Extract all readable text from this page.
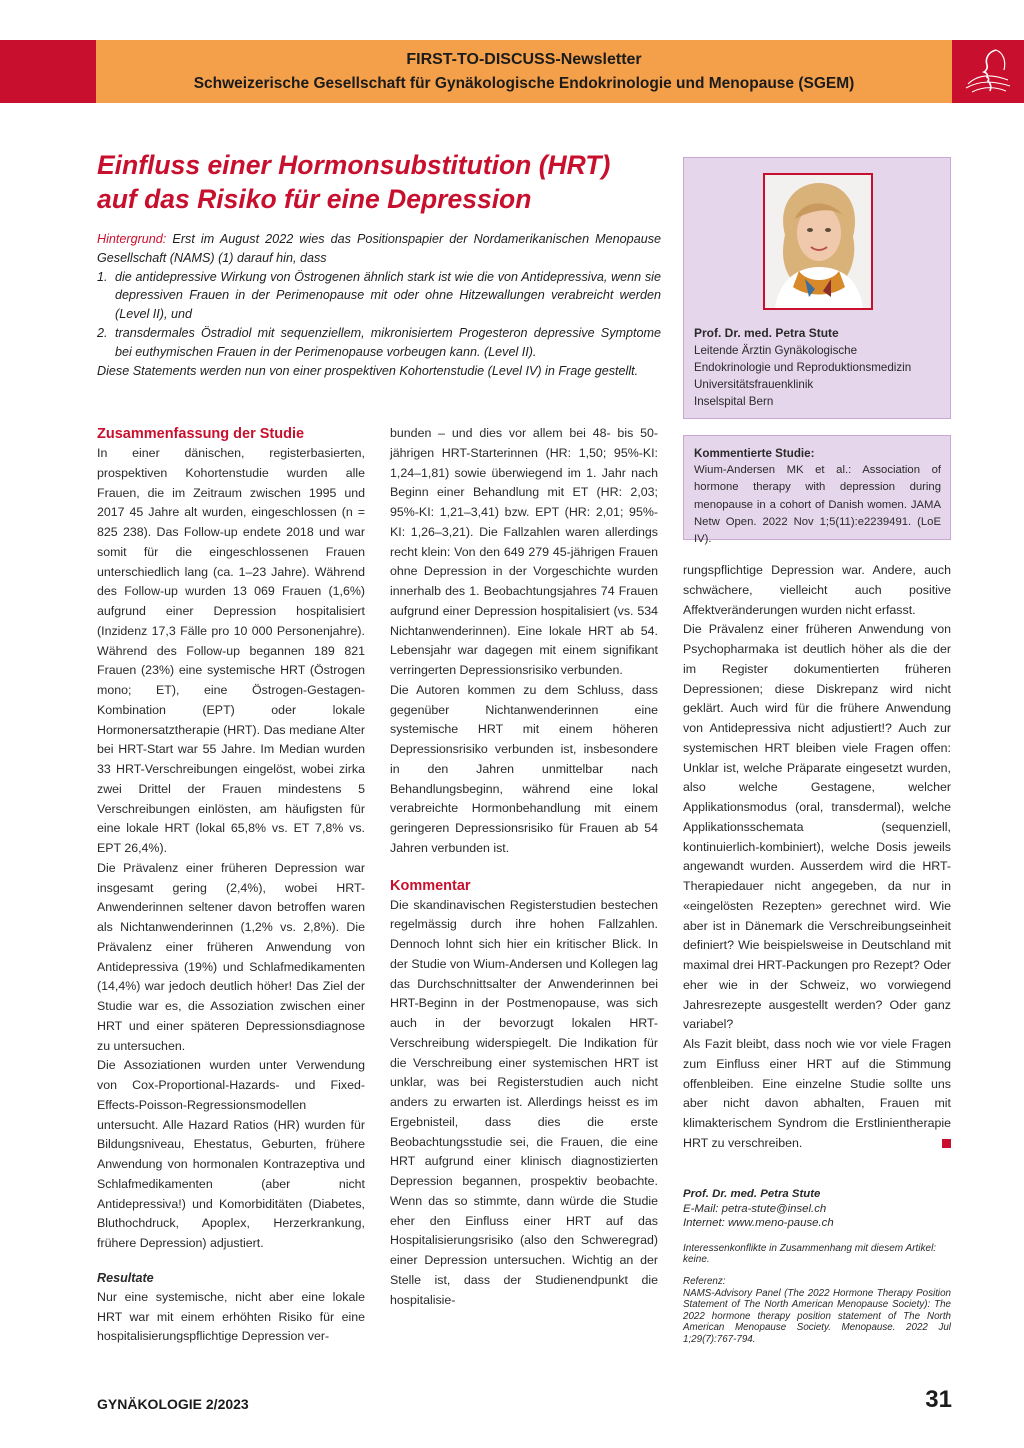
FIRST-TO-DISCUSS-Newsletter
Schweizerische Gesellschaft für Gynäkologische Endokrinologie und Menopause (SGEM)
Einfluss einer Hormonsubstitution (HRT)
auf das Risiko für eine Depression
Hintergrund: Erst im August 2022 wies das Positionspapier der Nordamerikanischen Menopause Gesellschaft (NAMS) (1) darauf hin, dass
1. die antidepressive Wirkung von Östrogenen ähnlich stark ist wie die von Antidepressiva, wenn sie depressiven Frauen in der Perimenopause mit oder ohne Hitzewallungen verabreicht werden (Level II), und
2. transdermales Östradiol mit sequenziellem, mikronisiertem Progesteron depressive Symptome bei euthymischen Frauen in der Perimenopause vorbeugen kann. (Level II).
Diese Statements werden nun von einer prospektiven Kohortenstudie (Level IV) in Frage gestellt.
Zusammenfassung der Studie

In einer dänischen, registerbasierten, prospektiven Kohortenstudie wurden alle Frauen, die im Zeitraum zwischen 1995 und 2017 45 Jahre alt wurden, eingeschlossen (n = 825 238). Das Follow-up endete 2018 und war somit für die eingeschlossenen Frauen unterschiedlich lang (ca. 1–23 Jahre). Während des Follow-up wurden 13 069 Frauen (1,6%) aufgrund einer Depression hospitalisiert (Inzidenz 17,3 Fälle pro 10 000 Personenjahre). Während des Follow-up begannen 189 821 Frauen (23%) eine systemische HRT (Östrogen mono; ET), eine Östrogen-Gestagen-Kombination (EPT) oder lokale Hormonersatztherapie (HRT). Das mediane Alter bei HRT-Start war 55 Jahre. Im Median wurden 33 HRT-Verschreibungen eingelöst, wobei zirka zwei Drittel der Frauen mindestens 5 Verschreibungen einlösten, am häufigsten für eine lokale HRT (lokal 65,8% vs. ET 7,8% vs. EPT 26,4%).

Die Prävalenz einer früheren Depression war insgesamt gering (2,4%), wobei HRT-Anwenderinnen seltener davon betroffen waren als Nichtanwenderinnen (1,2% vs. 2,8%). Die Prävalenz einer früheren Anwendung von Antidepressiva (19%) und Schlafmedikamenten (14,4%) war jedoch deutlich höher! Das Ziel der Studie war es, die Assoziation zwischen einer HRT und einer späteren Depressionsdiagnose zu untersuchen.

Die Assoziationen wurden unter Verwendung von Cox-Proportional-Hazards- und Fixed-Effects-Poisson-Regressionsmodellen untersucht. Alle Hazard Ratios (HR) wurden für Bildungsniveau, Ehestatus, Geburten, frühere Anwendung von hormonalen Kontrazeptiva und Schlafmedikamenten (aber nicht Antidepressiva!) und Komorbiditäten (Diabetes, Bluthochdruck, Apoplex, Herzerkrankung, frühere Depression) adjustiert.

Resultate

Nur eine systemische, nicht aber eine lokale HRT war mit einem erhöhten Risiko für eine hospitalisierungspflichtige Depression ver-

bunden – und dies vor allem bei 48- bis 50-jährigen HRT-Starterinnen (HR: 1,50; 95%-KI: 1,24–1,81) sowie überwiegend im 1. Jahr nach Beginn einer Behandlung mit ET (HR: 2,03; 95%-KI: 1,21–3,41) bzw. EPT (HR: 2,01; 95%-KI: 1,26–3,21). Die Fallzahlen waren allerdings recht klein: Von den 649 279 45-jährigen Frauen ohne Depression in der Vorgeschichte wurden innerhalb des 1. Beobachtungsjahres 74 Frauen aufgrund einer Depression hospitalisiert (vs. 534 Nichtanwenderinnen). Eine lokale HRT ab 54. Lebensjahr war dagegen mit einem signifikant verringerten Depressionsrisiko verbunden.

Die Autoren kommen zu dem Schluss, dass gegenüber Nichtanwenderinnen eine systemische HRT mit einem höheren Depressionsrisiko verbunden ist, insbesondere in den Jahren unmittelbar nach Behandlungsbeginn, während eine lokal verabreichte Hormonbehandlung mit einem geringeren Depressionsrisiko für Frauen ab 54 Jahren verbunden ist.

Kommentar

Die skandinavischen Registerstudien bestechen regelmässig durch ihre hohen Fallzahlen. Dennoch lohnt sich hier ein kritischer Blick. In der Studie von Wium-Andersen und Kollegen lag das Durchschnittsalter der Anwenderinnen bei HRT-Beginn in der Postmenopause, was sich auch in der bevorzugt lokalen HRT-Verschreibung widerspiegelt. Die Indikation für die Verschreibung einer systemischen HRT ist unklar, was bei Registerstudien auch nicht anders zu erwarten ist. Allerdings heisst es im Ergebnisteil, dass dies die erste Beobachtungsstudie sei, die Frauen, die eine HRT aufgrund einer klinisch diagnostizierten Depression begannen, prospektiv beobachte. Wenn das so stimmte, dann würde die Studie eher den Einfluss einer HRT auf das Hospitalisierungsrisiko (also den Schweregrad) einer Depression untersuchen. Wichtig an der Stelle ist, dass der Studienendpunkt die hospitalisie-

Prof. Dr. med. Petra Stute
Leitende Ärztin Gynäkologische
Endokrinologie und Reproduktionsmedizin
Universitätsfrauenklinik
Inselspital Bern
Kommentierte Studie:
Wium-Andersen MK et al.: Association of hormone therapy with depression during menopause in a cohort of Danish women. JAMA Netw Open. 2022 Nov 1;5(11):e2239491. (LoE IV).

rungspflichtige Depression war. Andere, auch schwächere, vielleicht auch positive Affektveränderungen wurden nicht erfasst.

Die Prävalenz einer früheren Anwendung von Psychopharmaka ist deutlich höher als die der im Register dokumentierten früheren Depressionen; diese Diskrepanz wird nicht geklärt. Auch wird für die frühere Anwendung von Antidepressiva nicht adjustiert!? Auch zur systemischen HRT bleiben viele Fragen offen: Unklar ist, welche Präparate eingesetzt wurden, also welche Gestagene, welcher Applikationsmodus (oral, transdermal), welche Applikationsschemata (sequenziell, kontinuierlich-kombiniert), welche Dosis jeweils angewandt wurden. Ausserdem wird die HRT-Therapiedauer nicht angegeben, da nur in «eingelösten Rezepten» gerechnet wird. Wie aber ist in Dänemark die Verschreibungseinheit definiert? Wie beispielsweise in Deutschland mit maximal drei HRT-Packungen pro Rezept? Oder eher wie in der Schweiz, wo vorwiegend Jahresrezepte ausgestellt werden? Oder ganz variabel?

Als Fazit bleibt, dass noch wie vor viele Fragen zum Einfluss einer HRT auf die Stimmung offenbleiben. Eine einzelne Studie sollte uns aber nicht davon abhalten, Frauen mit klimakterischem Syndrom die Erstlinientherapie HRT zu verschreiben.

Prof. Dr. med. Petra Stute
E-Mail: petra-stute@insel.ch
Internet: www.meno-pause.ch
Interessenkonflikte in Zusammenhang mit diesem Artikel: keine.
Referenz:
NAMS-Advisory Panel (The 2022 Hormone Therapy Position Statement of The North American Menopause Society): The 2022 hormone therapy position statement of The North American Menopause Society. Menopause. 2022 Jul 1;29(7):767-794.
GYNÄKOLOGIE 2/2023	31
